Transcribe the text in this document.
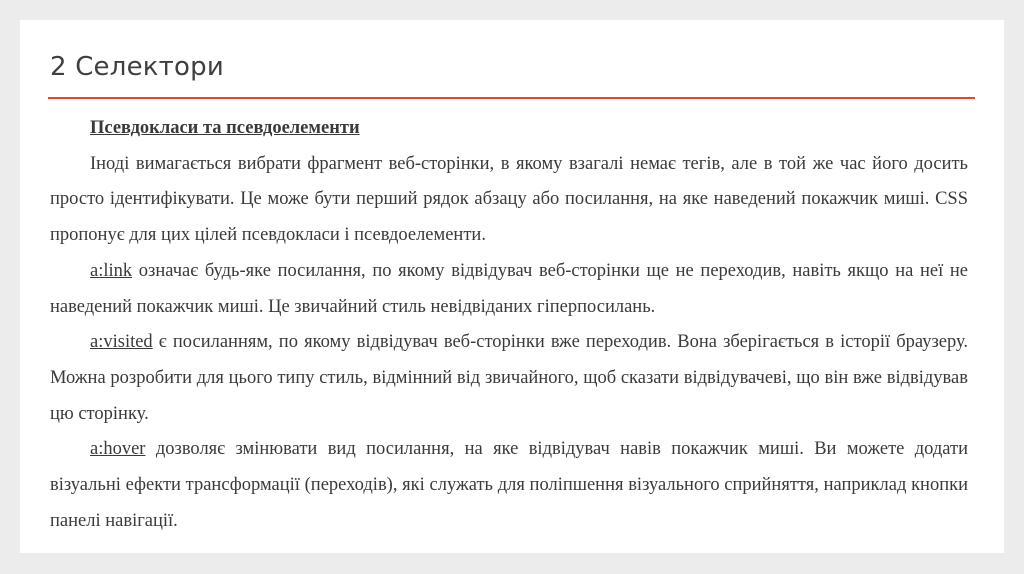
2 Селектори

Псевдокласи та псевдоелементи

Іноді вимагається вибрати фрагмент веб-сторінки, в якому взагалі немає тегів, але в той же час його досить просто ідентифікувати. Це може бути перший рядок абзацу або посилання, на яке наведений покажчик миші. CSS пропонує для цих цілей псевдокласи і псевдоелементи.

a:link означає будь-яке посилання, по якому відвідувач веб-сторінки ще не переходив, навіть якщо на неї не наведений покажчик миші. Це звичайний стиль невідвіданих гіперпосилань.

a:visited є посиланням, по якому відвідувач веб-сторінки вже переходив. Вона зберігається в історії браузеру. Можна розробити для цього типу стиль, відмінний від звичайного, щоб сказати відвідувачеві, що він вже відвідував цю сторінку.

a:hover дозволяє змінювати вид посилання, на яке відвідувач навів покажчик миші. Ви можете додати візуальні ефекти трансформації (переходів), які служать для поліпшення візуального сприйняття, наприклад кнопки панелі навігації.
